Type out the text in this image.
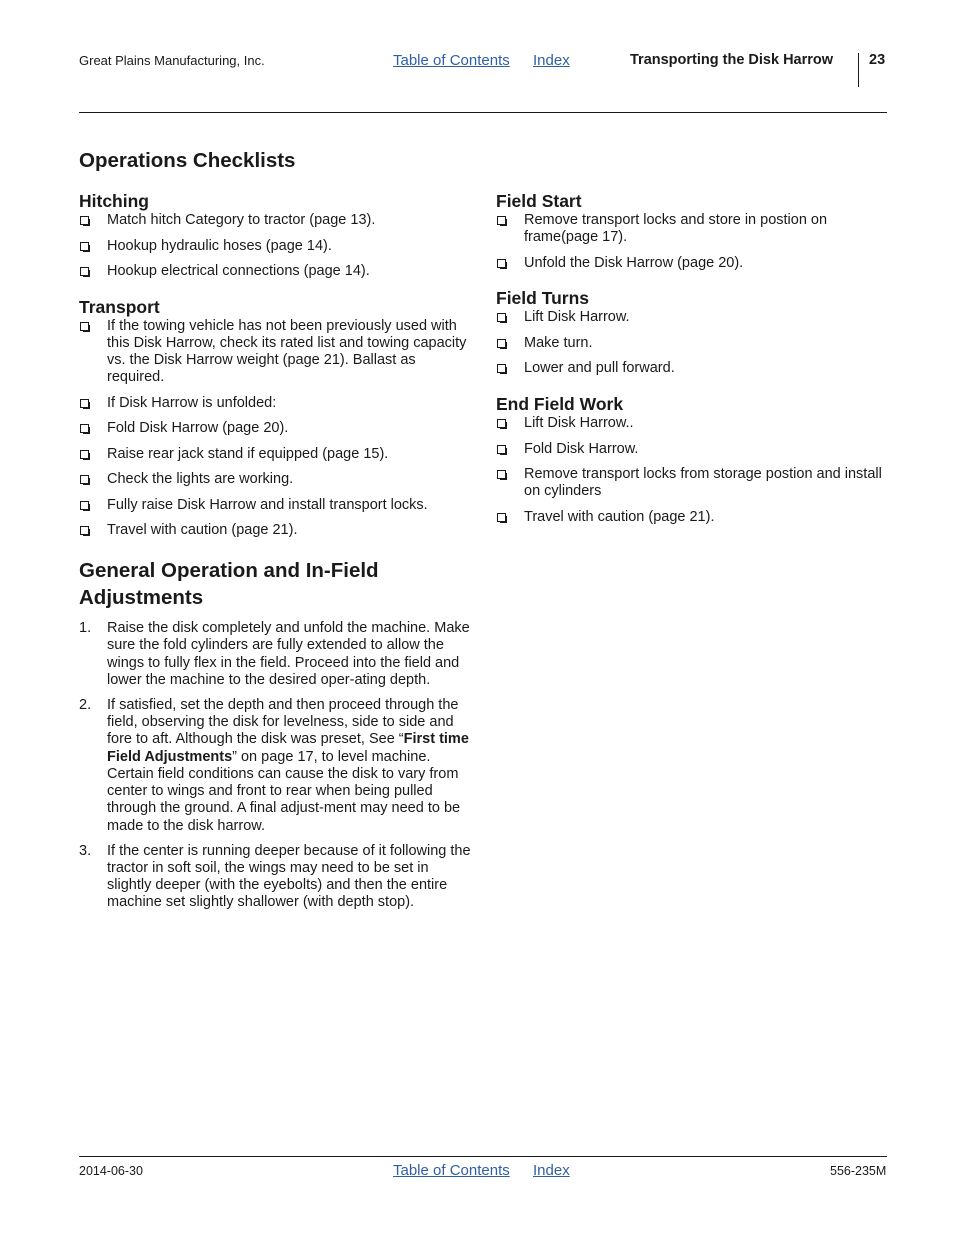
Great Plains Manufacturing, Inc.	Table of Contents Index	Transporting the Disk Harrow 23
Operations Checklists
Hitching
Match hitch Category to tractor (page 13).
Hookup hydraulic hoses (page 14).
Hookup electrical connections (page 14).
Transport
If the towing vehicle has not been previously used with this Disk Harrow, check its rated list and towing capacity vs. the Disk Harrow weight (page 21). Ballast as required.
If Disk Harrow is unfolded:
Fold Disk Harrow (page 20).
Raise rear jack stand if equipped (page 15).
Check the lights are working.
Fully raise Disk Harrow and install transport locks.
Travel with caution (page 21).
General Operation and In-Field Adjustments
1. Raise the disk completely and unfold the machine. Make sure the fold cylinders are fully extended to allow the wings to fully flex in the field. Proceed into the field and lower the machine to the desired oper-ating depth.
2. If satisfied, set the depth and then proceed through the field, observing the disk for levelness, side to side and fore to aft. Although the disk was preset, See “First time Field Adjustments” on page 17, to level machine. Certain field conditions can cause the disk to vary from center to wings and front to rear when being pulled through the ground. A final adjust-ment may need to be made to the disk harrow.
3. If the center is running deeper because of it following the tractor in soft soil, the wings may need to be set in slightly deeper (with the eyebolts) and then the entire machine set slightly shallower (with depth stop).
Field Start
Remove transport locks and store in postion on frame(page 17).
Unfold the Disk Harrow (page 20).
Field Turns
Lift Disk Harrow.
Make turn.
Lower and pull forward.
End Field Work
Lift Disk Harrow..
Fold Disk Harrow.
Remove transport locks from storage postion and install on cylinders
Travel with caution (page 21).
2014-06-30	Table of Contents Index	556-235M
